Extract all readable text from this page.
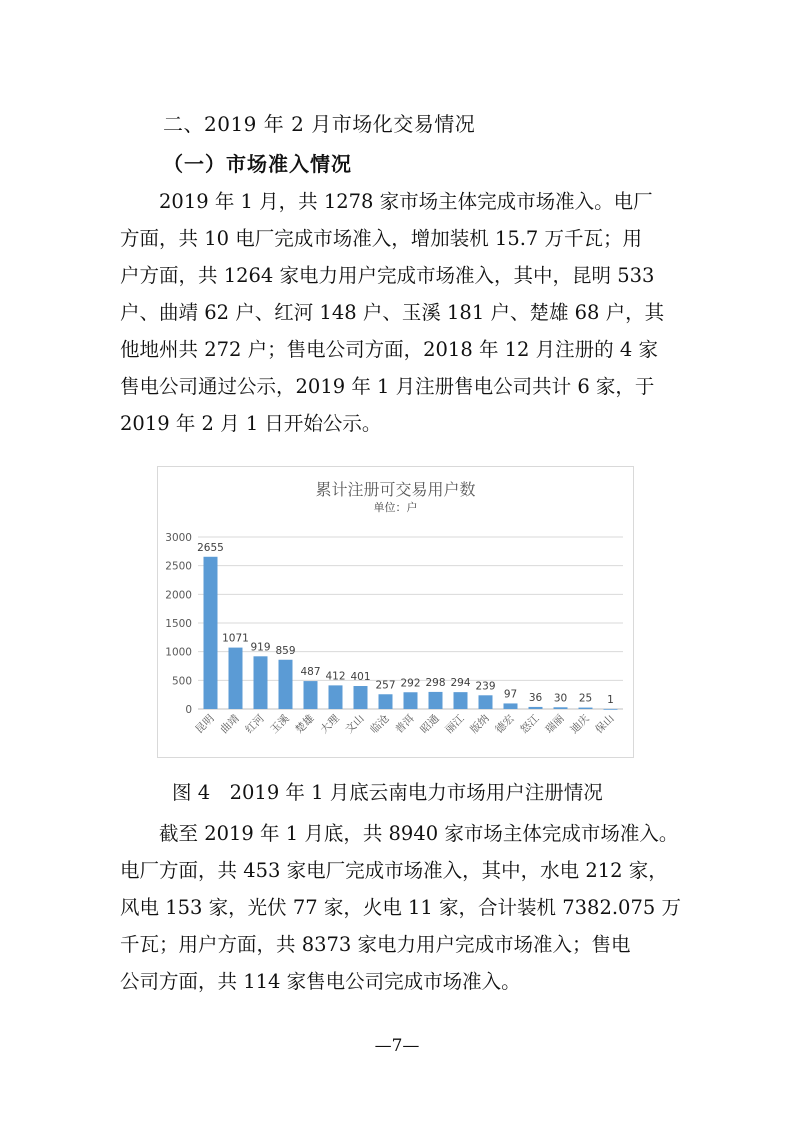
二、2019 年 2 月市场化交易情况
（一）市场准入情况
　　2019 年 1 月，共 1278 家市场主体完成市场准入。电厂
方面，共 10 电厂完成市场准入，增加装机 15.7 万千瓦；用
户方面，共 1264 家电力用户完成市场准入，其中，昆明 533
户、曲靖 62 户、红河 148 户、玉溪 181 户、楚雄 68 户，其
他地州共 272 户；售电公司方面，2018 年 12 月注册的 4 家
售电公司通过公示，2019 年 1 月注册售电公司共计 6 家，于
2019 年 2 月 1 日开始公示。
0
500
1000
1500
2000
2500
3000
2655
昆明
1071
曲靖
919
红河
859
玉溪
487
楚雄
412
大理
401
文山
257
临沧
292
普洱
298
昭通
294
丽江
239
版纳
97
德宏
36
怒江
30
瑞丽
25
迪庆
1
保山
累计注册可交易用户数
单位：户
图 4　2019 年 1 月底云南电力市场用户注册情况
　　截至 2019 年 1 月底，共 8940 家市场主体完成市场准入。
电厂方面，共 453 家电厂完成市场准入，其中，水电 212 家，
风电 153 家，光伏 77 家，火电 11 家，合计装机 7382.075 万
千瓦；用户方面，共 8373 家电力用户完成市场准入；售电
公司方面，共 114 家售电公司完成市场准入。
—7—
